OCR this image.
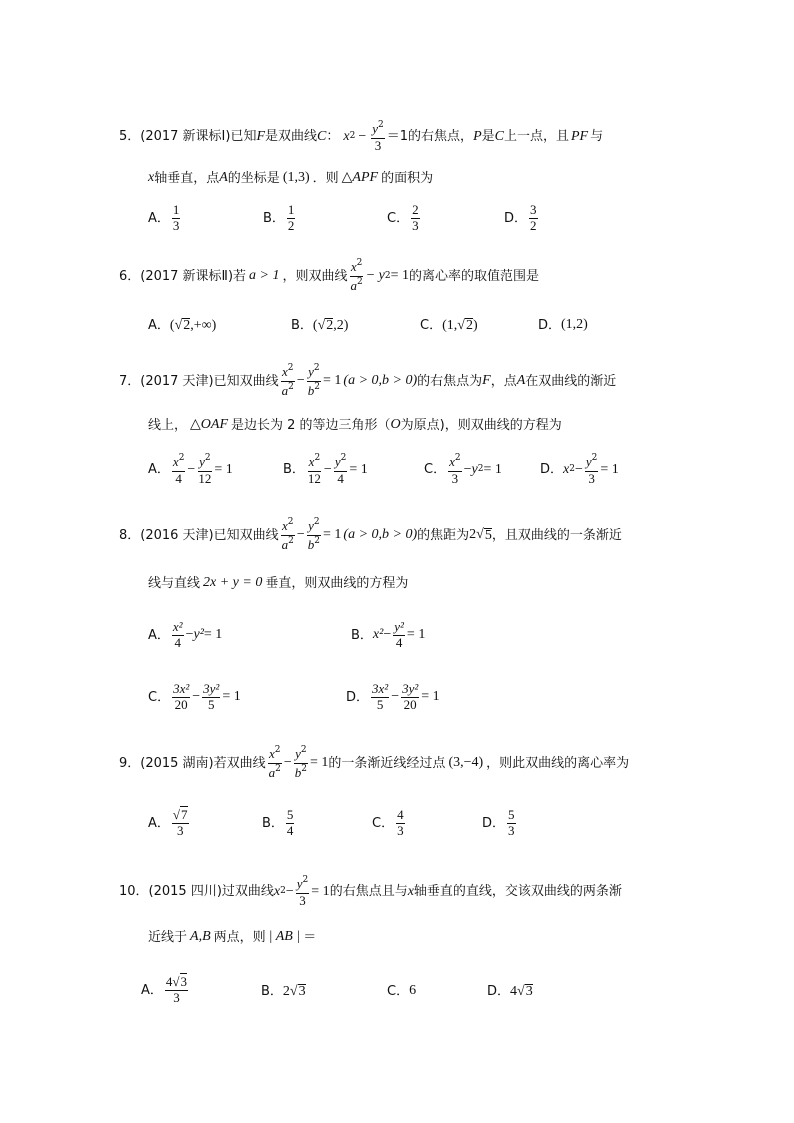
5．(2017 新课标Ⅰ)已知 F 是双曲线 C ： x $2 - \frac{y^2}{3} =1$的右焦点， P 是 C 上一点，且 PF 与
x 轴垂直，点 A 的坐标是 (1,3) ．则 △APF 的面积为
A． $\frac{1}{3}$	B． $\frac{1}{2}$	C． $\frac{2}{3}$	D． $\frac{3}{2}$
6．(2017 新课标Ⅱ)若 a > 1 ，则双曲线 $\frac{x^2}{a^2} - y$ 2 = 1 的离心率的取值范围是
A． ( √ 2 ,+∞)	B． ( √ 2 ,2)	C． (1, √ 2 )	D． (1,2)
7．(2017 天津)已知双曲线 $\frac{x^2}{a^2} - \frac{y^2}{b^2} = 1$ (a > 0,b > 0) 的右焦点为 F ，点 A 在双曲线的渐近
线上， △OAF 是边长为 2 的等边三角形（ O 为原点)，则双曲线的方程为
A． $\frac{x^2}{4} - \frac{y^2}{12} = 1$	B． $\frac{x^2}{12} - \frac{y^2}{4} = 1$	C． $\frac{x^2}{3} - y$ 2 = 1	D． x $2 - \frac{y^2}{3} = 1$
8．(2016 天津)已知双曲线 $\frac{x^2}{a^2} - \frac{y^2}{b^2} = 1$ (a > 0,b > 0) 的焦距为 2 √ 5 ，且双曲线的一条渐近
线与直线 2x + y = 0 垂直，则双曲线的方程为
A． $\frac{\text{x²}}{4} - y^2 = 1$	B． $x^2 - \frac{\text{y²}}{4} = 1$
C． $\frac{\text{3x²}}{20} - \frac{\text{3y²}}{5} = 1$	D． $\frac{\text{3x²}}{5} - \frac{\text{3y²}}{20} = 1$
9．(2015 湖南)若双曲线 $\frac{x^2}{a^2} - \frac{y^2}{b^2} = 1$ 的一条渐近线经过点 (3,−4) ，则此双曲线的离心率为
A． $\frac{√7}{3}$	B． $\frac{5}{4}$	C． $\frac{4}{3}$	D． $\frac{5}{3}$
10．(2015 四川)过双曲线 x $2 - \frac{y^2}{3} = 1$ 的右焦点且与 x 轴垂直的直线，交该双曲线的两条渐
近线于 A,B 两点，则 | AB | ＝
A． $\frac{4√3}{3}$	B． 2 √ 3	C． 6	D． 4 √ 3
